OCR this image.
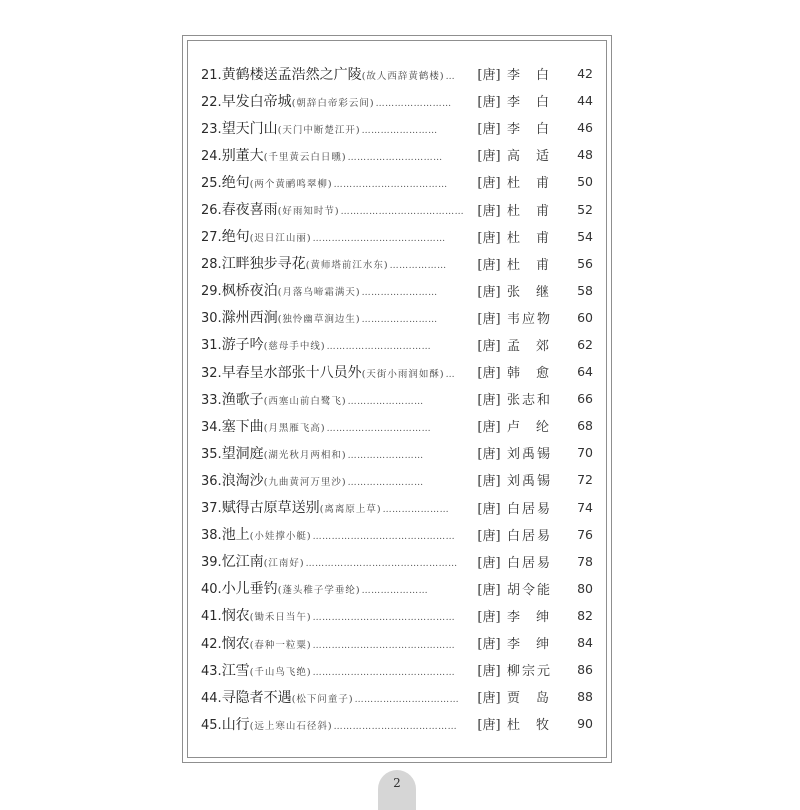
21. 黄鹤楼送孟浩然之广陵 (故人西辞黄鹤楼) …	[唐] 李白 42
22. 早发白帝城 (朝辞白帝彩云间) ……………………	[唐] 李白 44
23. 望天门山 (天门中断楚江开) ……………………	[唐] 李白 46
24. 别董大 (千里黄云白日曛) …………………………	[唐] 高适 48
25. 绝句 (两个黄鹂鸣翠柳) ………………………………	[唐] 杜甫 50
26. 春夜喜雨 (好雨知时节) …………………………………	[唐] 杜甫 52
27. 绝句 (迟日江山丽) ……………………………………	[唐] 杜甫 54
28. 江畔独步寻花 (黄师塔前江水东) ………………	[唐] 杜甫 56
29. 枫桥夜泊 (月落乌啼霜满天) ……………………	[唐] 张继 58
30. 滁州西涧 (独怜幽草涧边生) ……………………	[唐] 韦应物	60
31. 游子吟 (慈母手中线) ……………………………	[唐] 孟郊 62
32. 早春呈水部张十八员外 (天街小雨润如酥) …	[唐] 韩愈 64
33. 渔歌子 (西塞山前白鹭飞) ……………………	[唐] 张志和	66
34. 塞下曲 (月黑雁飞高) ……………………………	[唐] 卢纶 68
35. 望洞庭 (湖光秋月两相和) ……………………	[唐] 刘禹锡	70
36. 浪淘沙 (九曲黄河万里沙) ……………………	[唐] 刘禹锡	72
37. 赋得古原草送别 (离离原上草) …………………	[唐] 白居易	74
38. 池上 (小娃撑小艇) ………………………………………	[唐] 白居易	76
39. 忆江南 (江南好) …………………………………………	[唐] 白居易	78
40. 小儿垂钓 (蓬头稚子学垂纶) …………………	[唐] 胡令能	80
41. 悯农 (锄禾日当午) ………………………………………	[唐] 李绅 82
42. 悯农 (春种一粒粟) ………………………………………	[唐] 李绅 84
43. 江雪 (千山鸟飞绝) ………………………………………	[唐] 柳宗元	86
44. 寻隐者不遇 (松下问童子) ……………………………	[唐] 贾岛 88
45. 山行 (远上寒山石径斜) …………………………………	[唐] 杜牧 90
2
